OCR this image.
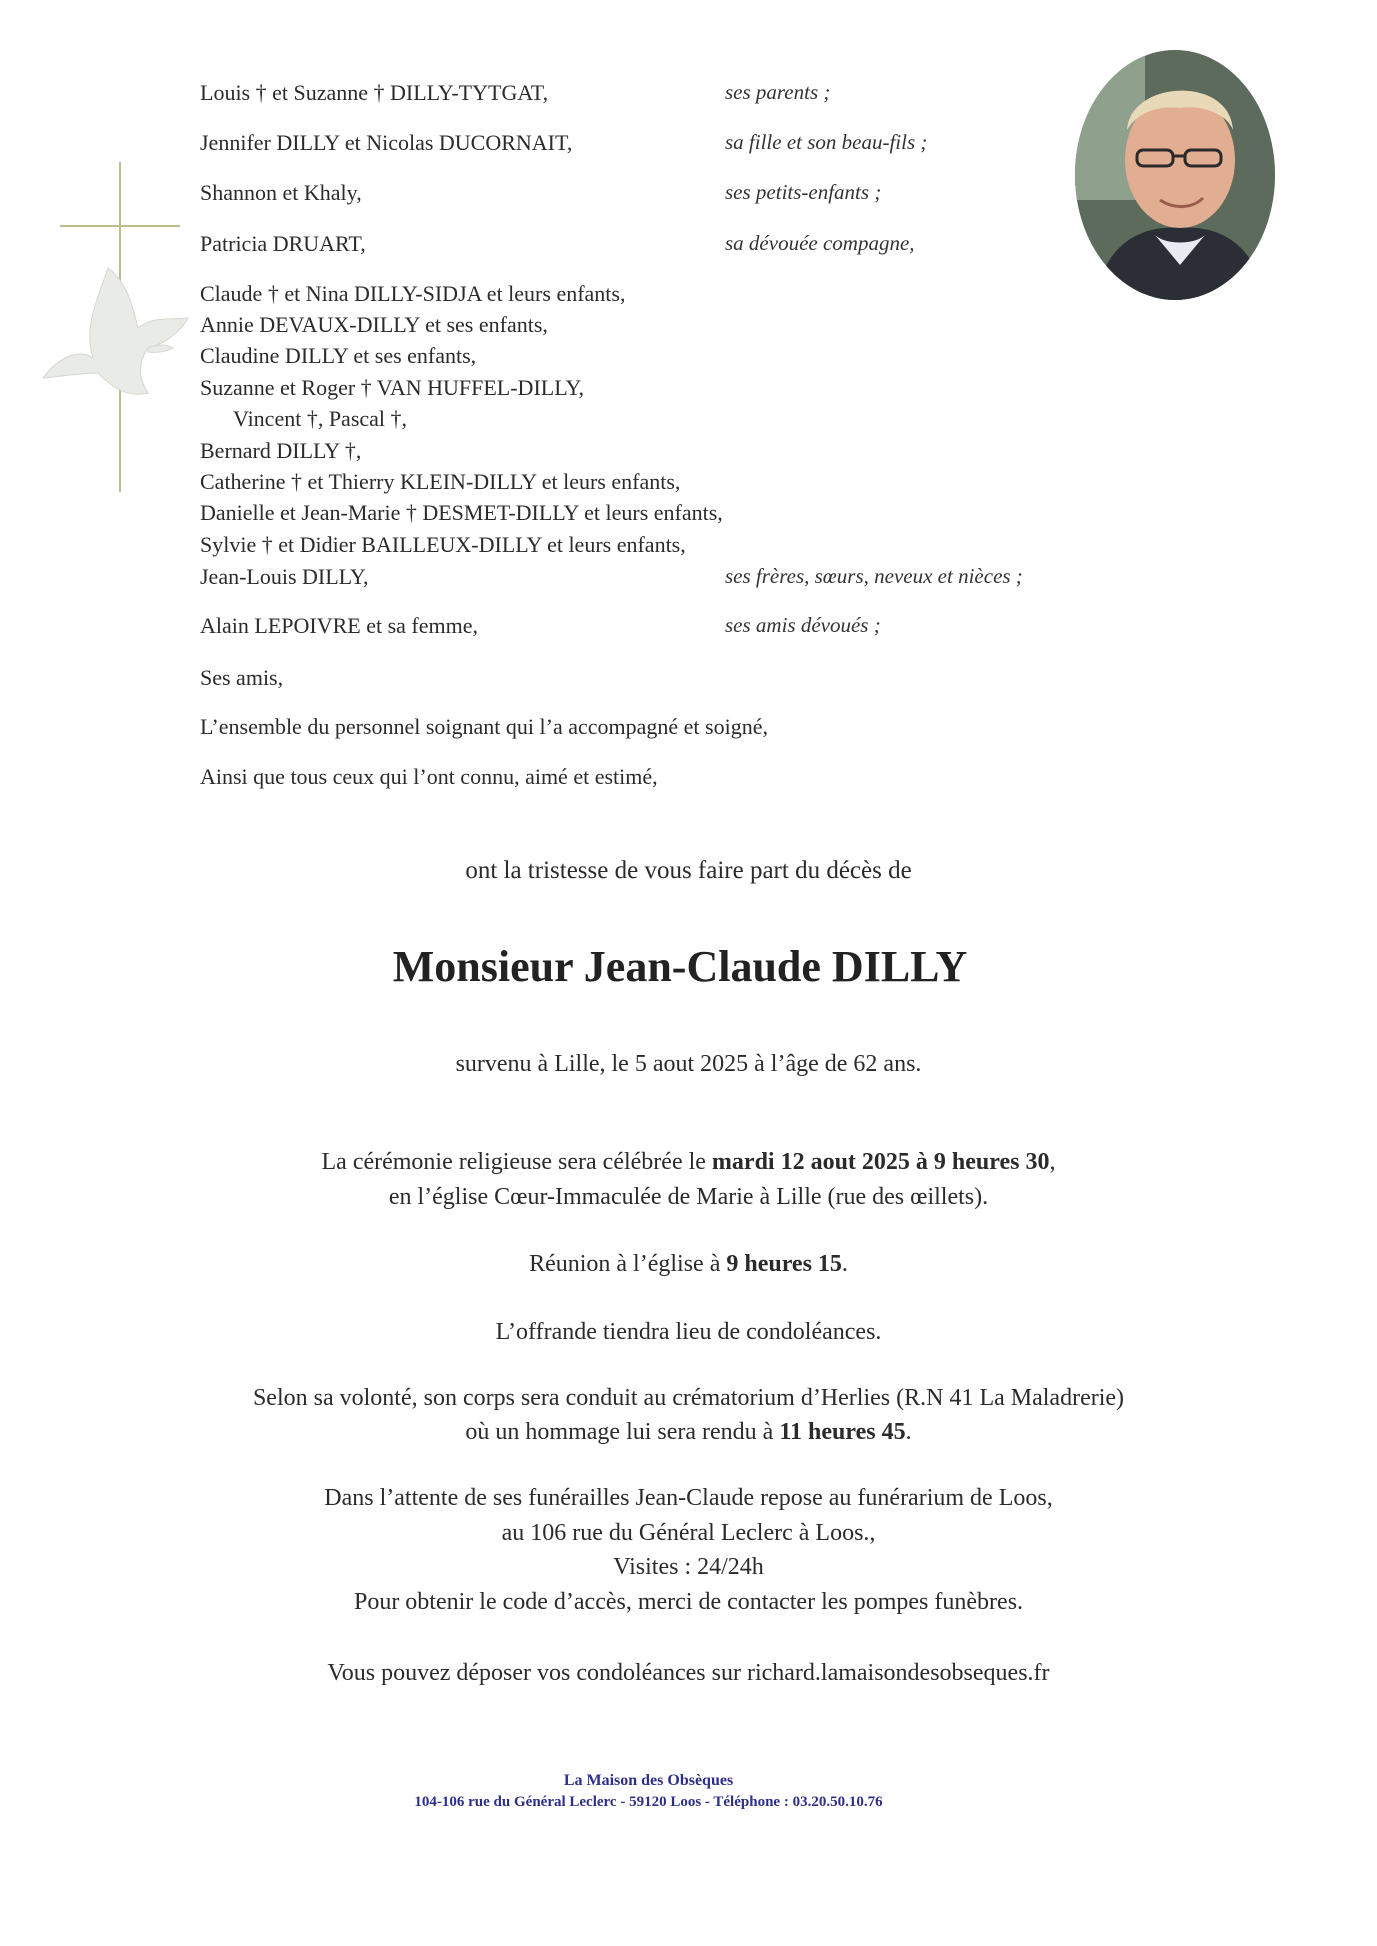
Louis † et Suzanne † DILLY-TYTGAT,	ses parents ;
Jennifer DILLY et Nicolas DUCORNAIT,	sa fille et son beau-fils ;
Shannon et Khaly,	ses petits-enfants ;
Patricia DRUART,	sa dévouée compagne,
Claude † et Nina DILLY-SIDJA et leurs enfants,
Annie DEVAUX-DILLY et ses enfants,
Claudine DILLY et ses enfants,
Suzanne et Roger † VAN HUFFEL-DILLY,
Vincent †, Pascal †,
Bernard DILLY †,
Catherine † et Thierry KLEIN-DILLY et leurs enfants,
Danielle et Jean-Marie † DESMET-DILLY et leurs enfants,
Sylvie † et Didier BAILLEUX-DILLY et leurs enfants,
Jean-Louis DILLY,	ses frères, sœurs, neveux et nièces ;
Alain LEPOIVRE et sa femme,	ses amis dévoués ;
Ses amis,
L’ensemble du personnel soignant qui l’a accompagné et soigné,
Ainsi que tous ceux qui l’ont connu, aimé et estimé,
ont la tristesse de vous faire part du décès de
Monsieur Jean-Claude DILLY
survenu à Lille, le 5 aout 2025 à l’âge de 62 ans.
La cérémonie religieuse sera célébrée le mardi 12 aout 2025 à 9 heures 30,
en l’église Cœur-Immaculée de Marie à Lille (rue des œillets).
Réunion à l’église à 9 heures 15.
L’offrande tiendra lieu de condoléances.
Selon sa volonté, son corps sera conduit au crématorium d’Herlies (R.N 41 La Maladrerie)
où un hommage lui sera rendu à 11 heures 45.
Dans l’attente de ses funérailles Jean-Claude repose au funérarium de Loos,
au 106 rue du Général Leclerc à Loos.,
Visites : 24/24h
Pour obtenir le code d’accès, merci de contacter les pompes funèbres.
Vous pouvez déposer vos condoléances sur richard.lamaisondesobseques.fr
La Maison des Obsèques
104-106 rue du Général Leclerc - 59120 Loos - Téléphone : 03.20.50.10.76
